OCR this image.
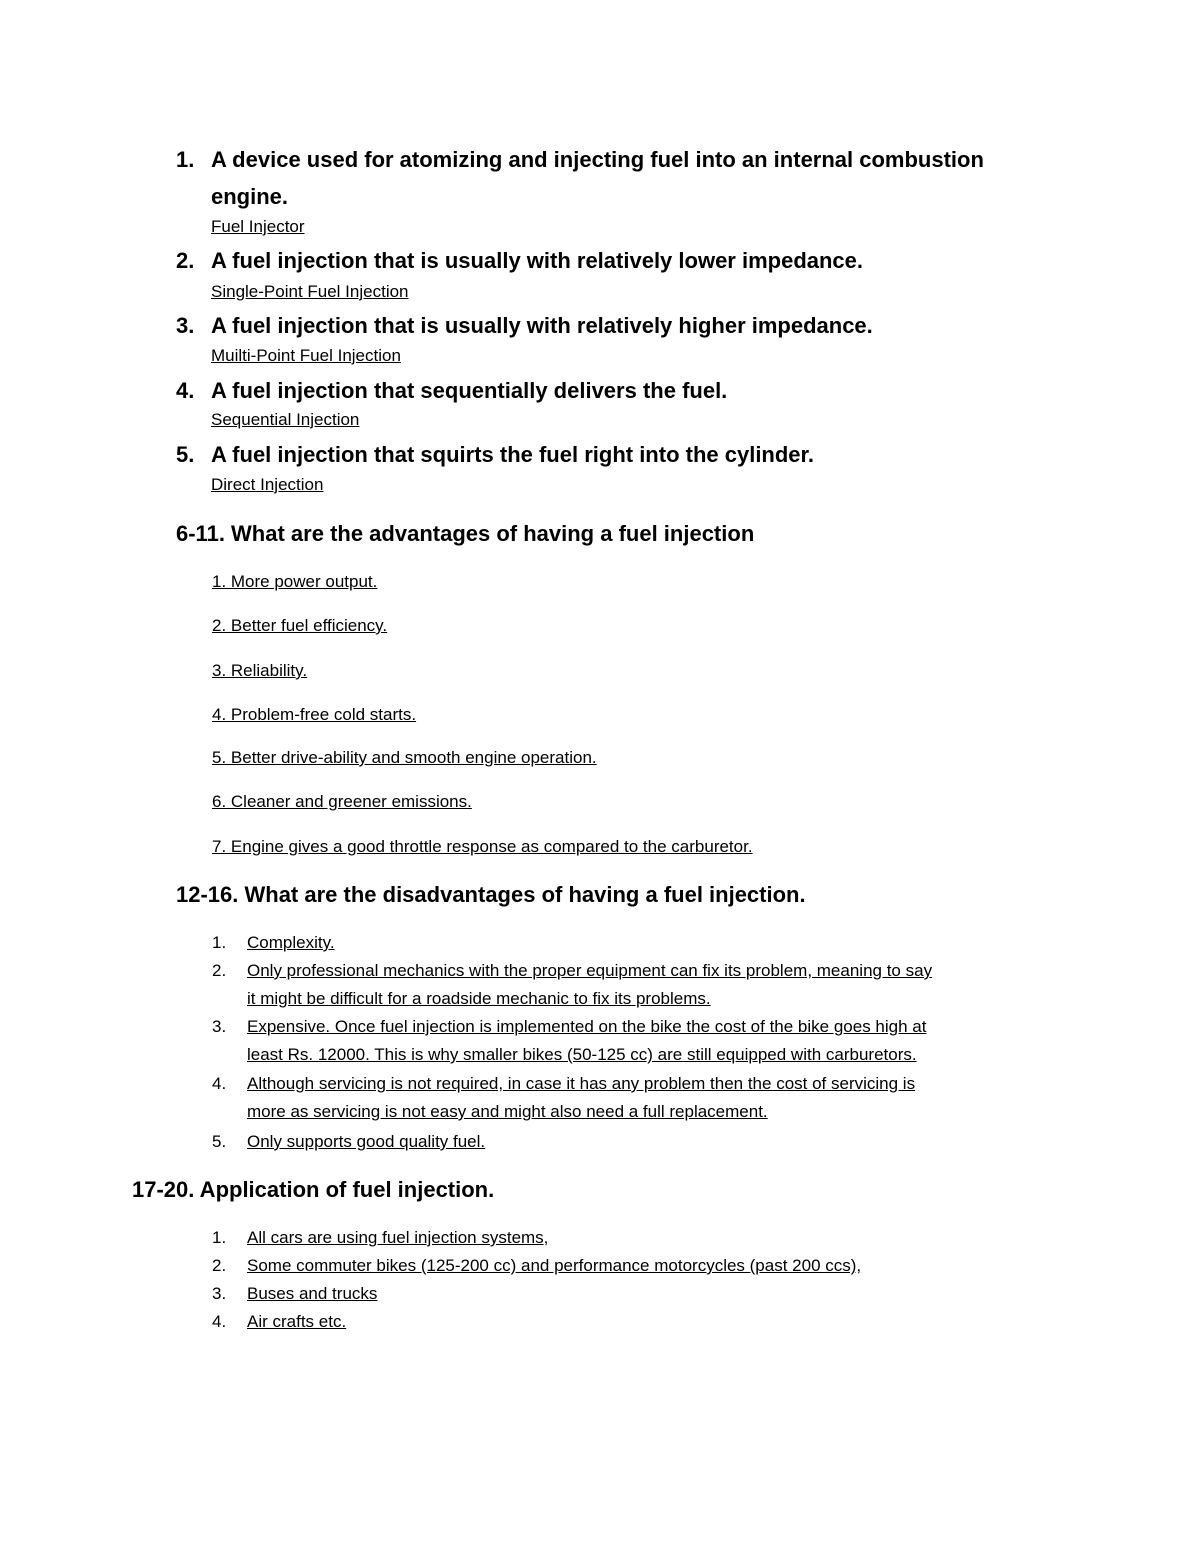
1. A device used for atomizing and injecting fuel into an internal combustion
engine.
Fuel Injector
2. A fuel injection that is usually with relatively lower impedance.
Single-Point Fuel Injection
3. A fuel injection that is usually with relatively higher impedance.
Muilti-Point Fuel Injection
4. A fuel injection that sequentially delivers the fuel.
Sequential Injection
5. A fuel injection that squirts the fuel right into the cylinder.
Direct Injection
6-11. What are the advantages of having a fuel injection
1. More power output.
2. Better fuel efficiency.
3. Reliability.
4. Problem-free cold starts.
5. Better drive-ability and smooth engine operation.
6. Cleaner and greener emissions.
7. Engine gives a good throttle response as compared to the carburetor.
12-16. What are the disadvantages of having a fuel injection.
1. Complexity.
2. Only professional mechanics with the proper equipment can fix its problem, meaning to say
it might be difficult for a roadside mechanic to fix its problems.
3. Expensive. Once fuel injection is implemented on the bike the cost of the bike goes high at
least Rs. 12000. This is why smaller bikes (50-125 cc) are still equipped with carburetors.
4. Although servicing is not required, in case it has any problem then the cost of servicing is
more as servicing is not easy and might also need a full replacement.
5. Only supports good quality fuel.
17-20. Application of fuel injection.
1. All cars are using fuel injection systems,
2. Some commuter bikes (125-200 cc) and performance motorcycles (past 200 ccs),
3. Buses and trucks
4. Air crafts etc.
